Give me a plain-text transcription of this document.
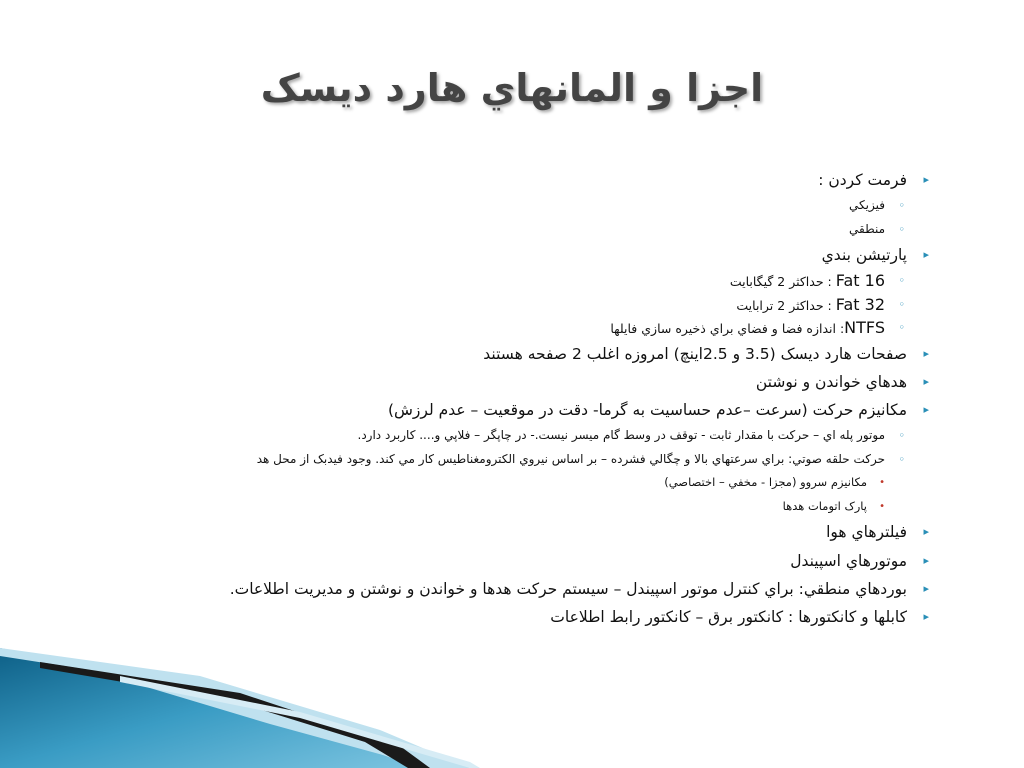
اجزا و المانهاي هارد ديسک
▸
فرمت کردن :
◦
فيزيکي
◦
منطقي
▸
پارتيشن بندي
◦
Fat 16 : حداکثر 2 گيگابايت
◦
Fat 32 : حداکثر 2 ترابايت
◦
NTFS: اندازه فضا و فضاي براي ذخيره سازي فايلها
▸
صفحات هارد ديسک (3.5 و 2.5اينچ) امروزه اغلب 2 صفحه هستند
▸
هدهاي خواندن و نوشتن
▸
مکانيزم حرکت (سرعت –عدم حساسيت به گرما- دقت در موقعيت – عدم لرزش)
◦
موتور پله اي – حرکت با مقدار ثابت - توقف در وسط گام ميسر نيست.- در چاپگر – فلاپي و.... کاربرد دارد.
◦
حرکت حلقه صوتي: براي سرعتهاي بالا و چگالي فشرده – بر اساس نيروي الکترومغناطيس کار مي کند. وجود فيدبک از محل هد
•
مکانيزم سروو (مجزا - مخفي – اختصاصي)
•
پارک اتومات هدها
▸
فيلترهاي هوا
▸
موتورهاي اسپيندل
▸
بوردهاي منطقي: براي کنترل موتور اسپيندل – سيستم حرکت هدها و خواندن و نوشتن و مديريت اطلاعات.
▸
کابلها و کانکتورها : کانکتور برق – کانکتور رابط اطلاعات
